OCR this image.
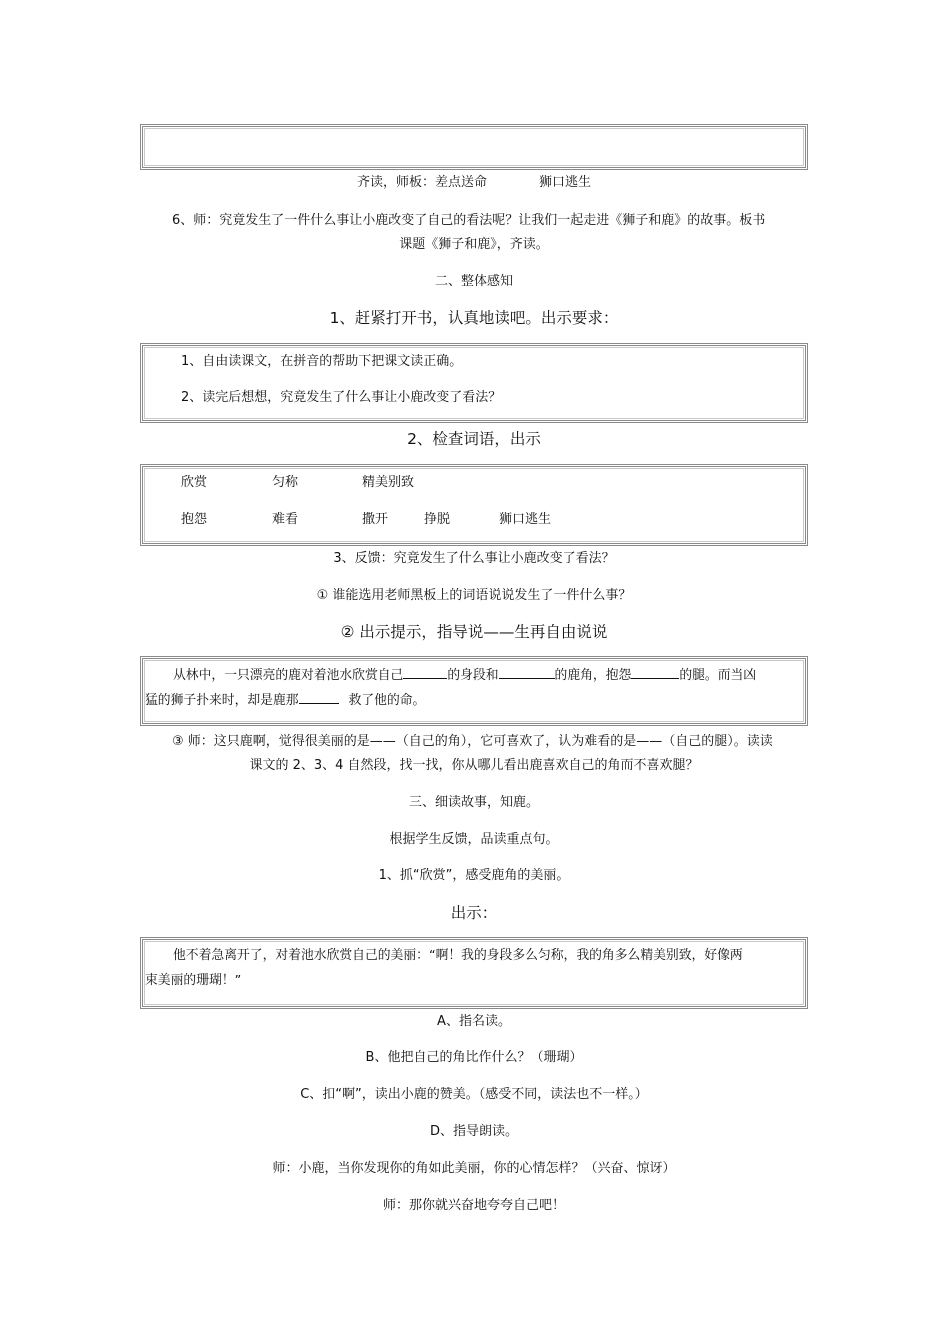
齐读，师板：差点送命　　　　狮口逃生
6、师：究竟发生了一件什么事让小鹿改变了自己的看法呢？让我们一起走进《狮子和鹿》的故事。板书
课题《狮子和鹿》，齐读。
二、整体感知
1、赶紧打开书，认真地读吧。出示要求：
1、自由读课文，在拼音的帮助下把课文读正确。
2、读完后想想，究竟发生了什么事让小鹿改变了看法？
2、检查词语，出示
欣赏	匀称	精美别致
抱怨	难看	撒开	挣脱	狮口逃生
3、反馈：究竟发生了什么事让小鹿改变了看法？
① 谁能选用老师黑板上的词语说说发生了一件什么事？
② 出示提示，指导说——生再自由说说
从林中，一只漂亮的鹿对着池水欣赏自己	的身段和	的鹿角，抱怨	的腿。而当凶
猛的狮子扑来时，却是鹿那	救了他的命。
③ 师：这只鹿啊，觉得很美丽的是——（自己的角），它可喜欢了，认为难看的是——（自己的腿）。读读
课文的 2、3、4 自然段，找一找，你从哪儿看出鹿喜欢自己的角而不喜欢腿？
三、细读故事，知鹿。
根据学生反馈，品读重点句。
1、抓“欣赏”，感受鹿角的美丽。
出示：
他不着急离开了，对着池水欣赏自己的美丽：“啊！我的身段多么匀称，我的角多么精美别致，好像两
束美丽的珊瑚！”
A、指名读。
B、他把自己的角比作什么？（珊瑚）
C、扣“啊”，读出小鹿的赞美。（感受不同，读法也不一样。）
D、指导朗读。
师：小鹿，当你发现你的角如此美丽，你的心情怎样？（兴奋、惊讶）
师：那你就兴奋地夸夸自己吧！
